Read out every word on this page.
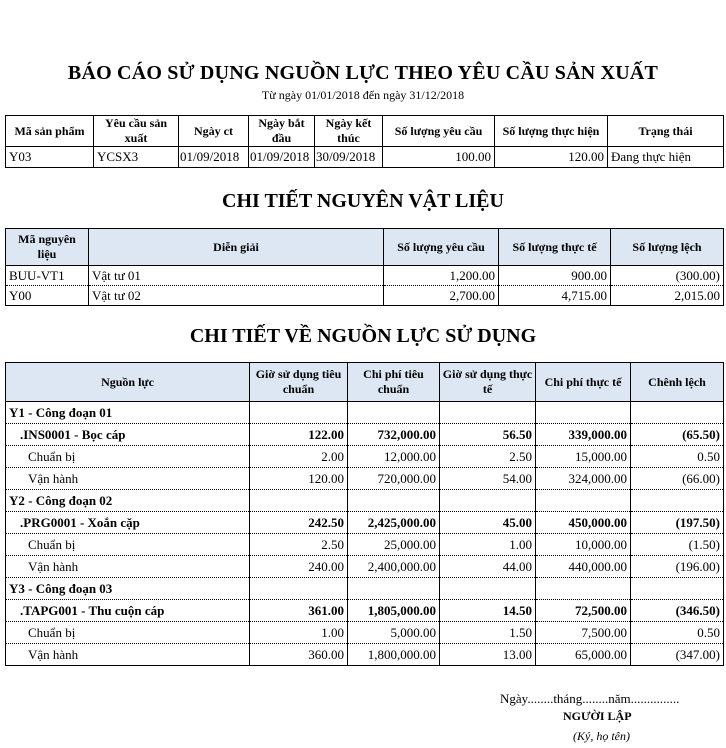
BÁO CÁO SỬ DỤNG NGUỒN LỰC THEO YÊU CẦU SẢN XUẤT
Từ ngày 01/01/2018 đến ngày 31/12/2018
Mã sản phẩm	Yêu cầu sản xuất	Ngày ct	Ngày bắt đầu	Ngày kết thúc	Số lượng yêu cầu	Số lượng thực hiện	Trạng thái
Y03	YCSX3	01/09/2018	01/09/2018	30/09/2018	100.00	120.00	Đang thực hiện
CHI TIẾT NGUYÊN VẬT LIỆU
Mã nguyên liệu	Diễn giải	Số lượng yêu cầu	Số lượng thực tế	Số lượng lệch
BUU-VT1	Vật tư 01	1,200.00	900.00	(300.00)
Y00	Vật tư 02	2,700.00	4,715.00	2,015.00
CHI TIẾT VỀ NGUỒN LỰC SỬ DỤNG
Nguồn lực	Giờ sử dụng tiêu chuẩn	Chi phí tiêu chuẩn	Giờ sử dụng thực tế	Chi phí thực tế	Chênh lệch
Y1 - Công đoạn 01					
.INS0001 - Bọc cáp	122.00	732,000.00	56.50	339,000.00	(65.50)
Chuẩn bị	2.00	12,000.00	2.50	15,000.00	0.50
Vận hành	120.00	720,000.00	54.00	324,000.00	(66.00)
Y2 - Công đoạn 02					
.PRG0001 - Xoắn cặp	242.50	2,425,000.00	45.00	450,000.00	(197.50)
Chuẩn bị	2.50	25,000.00	1.00	10,000.00	(1.50)
Vận hành	240.00	2,400,000.00	44.00	440,000.00	(196.00)
Y3 - Công đoạn 03					
.TAPG001 - Thu cuộn cáp	361.00	1,805,000.00	14.50	72,500.00	(346.50)
Chuẩn bị	1.00	5,000.00	1.50	7,500.00	0.50
Vận hành	360.00	1,800,000.00	13.00	65,000.00	(347.00)
Ngày........tháng........năm...............
NGƯỜI LẬP
(Ký, họ tên)
